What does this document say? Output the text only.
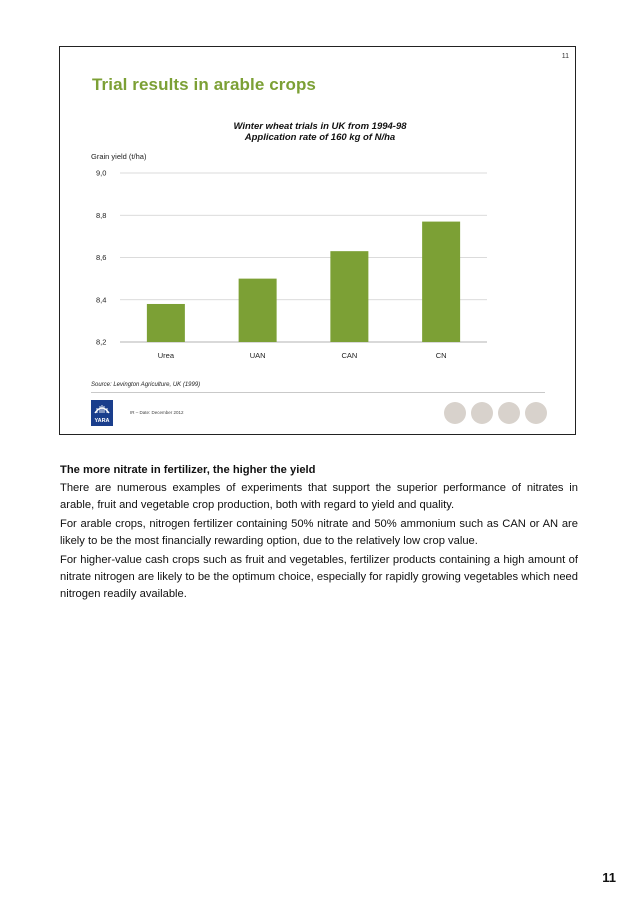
11
Trial results in arable crops
Winter wheat trials in UK from 1994-98
Application rate of 160 kg of N/ha
Grain yield (t/ha)
8,2
8,4
8,6
8,8
9,0
Urea	UAN	CAN	CN
Source: Levington Agriculture, UK (1999)
YARA
IR – Date: December 2012
The more nitrate in fertilizer, the higher the yield

There are numerous examples of experiments that support the superior performance of nitrates in arable, fruit and vegetable crop production, both with regard to yield and quality.

For arable crops, nitrogen fertilizer containing 50% nitrate and 50% ammonium such as CAN or AN are likely to be the most financially rewarding option, due to the relatively low crop value.

For higher-value cash crops such as fruit and vegetables, fertilizer products containing a high amount of nitrate nitrogen are likely to be the optimum choice, especially for rapidly growing vegetables which need nitrogen readily available.

11
